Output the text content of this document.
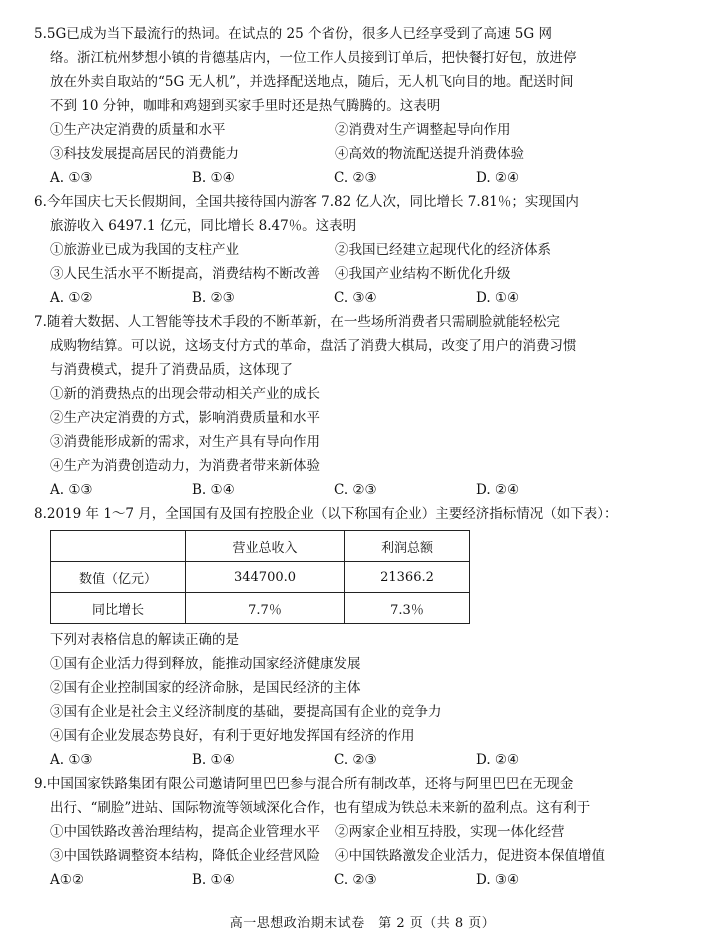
5.5G已成为当下最流行的热词。在试点的 25 个省份，很多人已经享受到了高速 5G 网
络。浙江杭州梦想小镇的肯德基店内，一位工作人员接到订单后，把快餐打好包，放进停
放在外卖自取站的“5G 无人机”，并选择配送地点，随后，无人机飞向目的地。配送时间
不到 10 分钟，咖啡和鸡翅到买家手里时还是热气腾腾的。这表明
①生产决定消费的质量和水平	②消费对生产调整起导向作用
③科技发展提高居民的消费能力	④高效的物流配送提升消费体验
A. ①③	B. ①④	C. ②③	D. ②④
6.今年国庆七天长假期间，全国共接待国内游客 7.82 亿人次，同比增长 7.81％；实现国内
旅游收入 6497.1 亿元，同比增长 8.47％。这表明
①旅游业已成为我国的支柱产业	②我国已经建立起现代化的经济体系
③人民生活水平不断提高，消费结构不断改善	④我国产业结构不断优化升级
A. ①②	B. ②③	C. ③④	D. ①④
7.随着大数据、人工智能等技术手段的不断革新，在一些场所消费者只需刷脸就能轻松完
成购物结算。可以说，这场支付方式的革命，盘活了消费大棋局，改变了用户的消费习惯
与消费模式，提升了消费品质，这体现了
①新的消费热点的出现会带动相关产业的成长
②生产决定消费的方式，影响消费质量和水平
③消费能形成新的需求，对生产具有导向作用
④生产为消费创造动力，为消费者带来新体验
A. ①③	B. ①④	C. ②③	D. ②④
8.2019 年 1～7 月，全国国有及国有控股企业（以下称国有企业）主要经济指标情况（如下表）：
	营业总收入	利润总额
数值（亿元）	344700.0	21366.2
同比增长	7.7％	7.3％
下列对表格信息的解读正确的是
①国有企业活力得到释放，能推动国家经济健康发展
②国有企业控制国家的经济命脉，是国民经济的主体
③国有企业是社会主义经济制度的基础，要提高国有企业的竞争力
④国有企业发展态势良好，有利于更好地发挥国有经济的作用
A. ①③	B. ①④	C. ②③	D. ②④
9.中国国家铁路集团有限公司邀请阿里巴巴参与混合所有制改革，还将与阿里巴巴在无现金
出行、“刷脸”进站、国际物流等领域深化合作，也有望成为铁总未来新的盈利点。这有利于
①中国铁路改善治理结构，提高企业管理水平	②两家企业相互持股，实现一体化经营
③中国铁路调整资本结构，降低企业经营风险	④中国铁路激发企业活力，促进资本保值增值
A①②	B. ①④	C. ②③	D. ③④
高一思想政治期末试卷　第 2 页（共 8 页）
